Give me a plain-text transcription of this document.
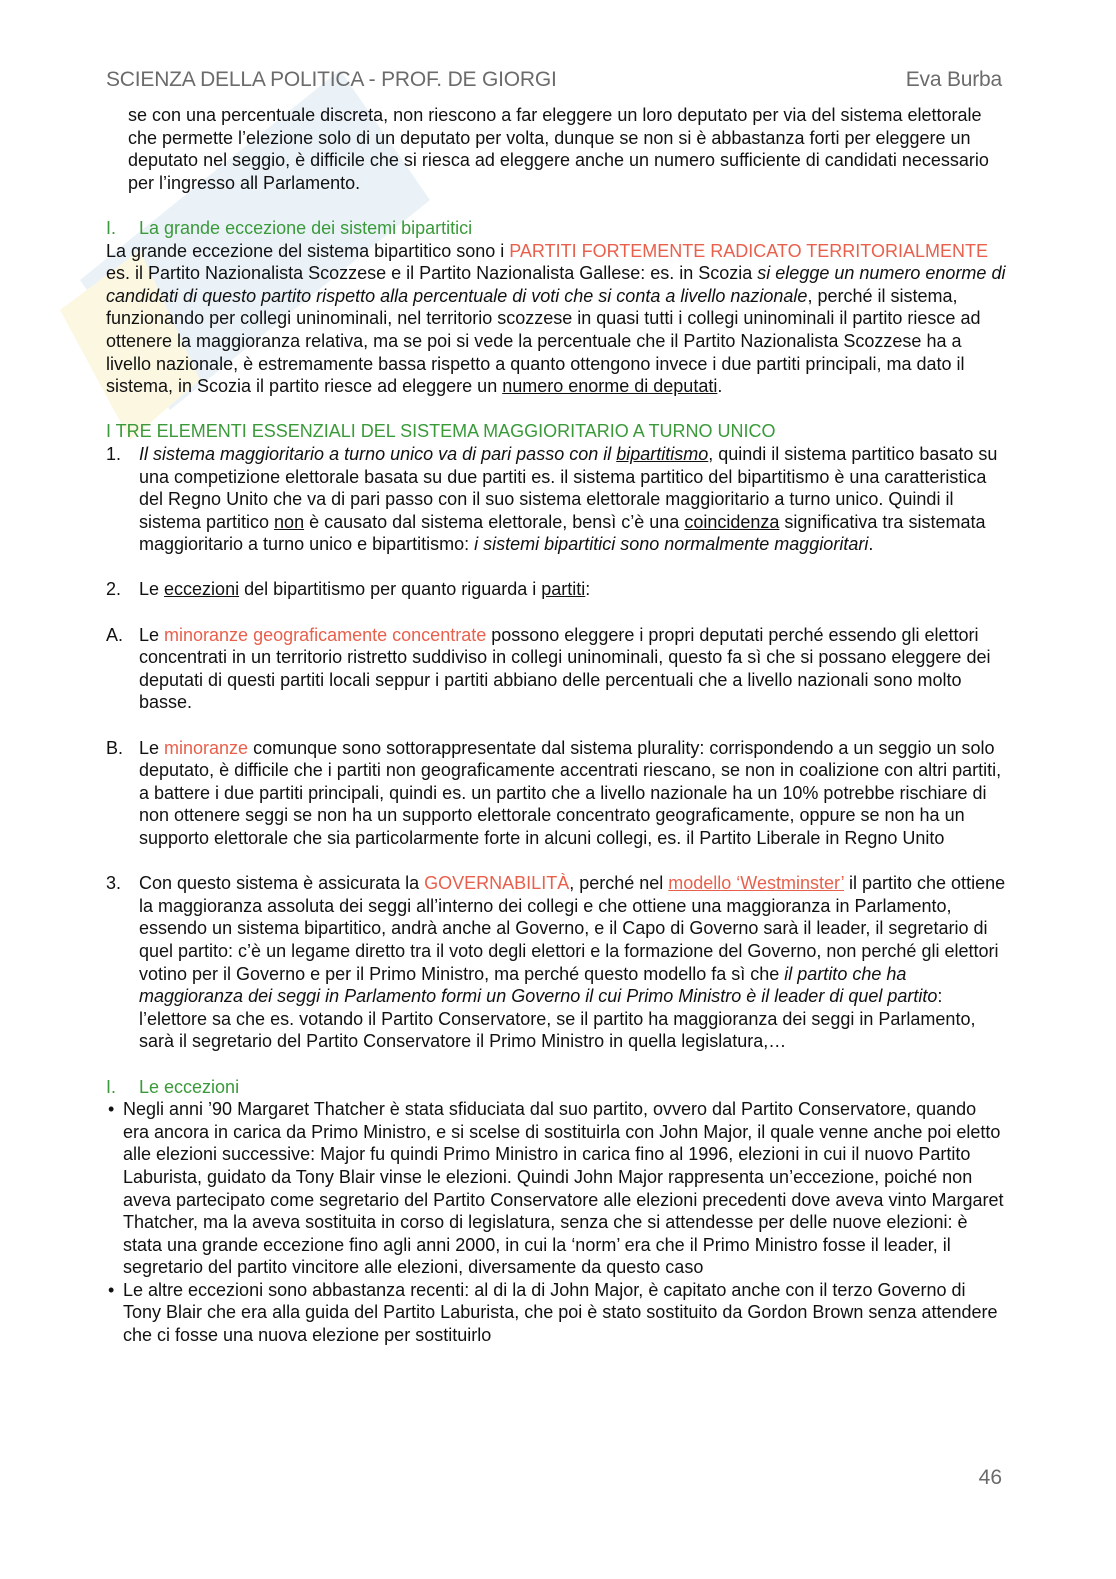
SCIENZA DELLA POLITICA - PROF. DE GIORGI	Eva Burba

se con una percentuale discreta, non riescono a far eleggere un loro deputato per via del sistema elettorale che permette l’elezione solo di un deputato per volta, dunque se non si è abbastanza forti per eleggere un deputato nel seggio, è difficile che si riesca ad eleggere anche un numero sufficiente di candidati necessario per l’ingresso all Parlamento.

I. La grande eccezione dei sistemi bipartitici

La grande eccezione del sistema bipartitico sono i PARTITI FORTEMENTE RADICATO TERRITORIALMENTE es. il Partito Nazionalista Scozzese e il Partito Nazionalista Gallese: es. in Scozia si elegge un numero enorme di candidati di questo partito rispetto alla percentuale di voti che si conta a livello nazionale, perché il sistema, funzionando per collegi uninominali, nel territorio scozzese in quasi tutti i collegi uninominali il partito riesce ad ottenere la maggioranza relativa, ma se poi si vede la percentuale che il Partito Nazionalista Scozzese ha a livello nazionale, è estremamente bassa rispetto a quanto ottengono invece i due partiti principali, ma dato il sistema, in Scozia il partito riesce ad eleggere un numero enorme di deputati.

I TRE ELEMENTI ESSENZIALI DEL SISTEMA MAGGIORITARIO A TURNO UNICO
1. Il sistema maggioritario a turno unico va di pari passo con il bipartitismo, quindi il sistema partitico basato su una competizione elettorale basata su due partiti es. il sistema partitico del bipartitismo è una caratteristica del Regno Unito che va di pari passo con il suo sistema elettorale maggioritario a turno unico. Quindi il sistema partitico non è causato dal sistema elettorale, bensì c’è una coincidenza significativa tra sistemata maggioritario a turno unico e bipartitismo: i sistemi bipartitici sono normalmente maggioritari.
2. Le eccezioni del bipartitismo per quanto riguarda i partiti:
A. Le minoranze geograficamente concentrate possono eleggere i propri deputati perché essendo gli elettori concentrati in un territorio ristretto suddiviso in collegi uninominali, questo fa sì che si possano eleggere dei deputati di questi partiti locali seppur i partiti abbiano delle percentuali che a livello nazionali sono molto basse.
B. Le minoranze comunque sono sottorappresentate dal sistema plurality: corrispondendo a un seggio un solo deputato, è difficile che i partiti non geograficamente accentrati riescano, se non in coalizione con altri partiti, a battere i due partiti principali, quindi es. un partito che a livello nazionale ha un 10% potrebbe rischiare di non ottenere seggi se non ha un supporto elettorale concentrato geograficamente, oppure se non ha un supporto elettorale che sia particolarmente forte in alcuni collegi, es. il Partito Liberale in Regno Unito
3. Con questo sistema è assicurata la GOVERNABILITÀ, perché nel modello ‘Westminster’ il partito che ottiene la maggioranza assoluta dei seggi all’interno dei collegi e che ottiene una maggioranza in Parlamento, essendo un sistema bipartitico, andrà anche al Governo, e il Capo di Governo sarà il leader, il segretario di quel partito: c’è un legame diretto tra il voto degli elettori e la formazione del Governo, non perché gli elettori votino per il Governo e per il Primo Ministro, ma perché questo modello fa sì che il partito che ha maggioranza dei seggi in Parlamento formi un Governo il cui Primo Ministro è il leader di quel partito: l’elettore sa che es. votando il Partito Conservatore, se il partito ha maggioranza dei seggi in Parlamento, sarà il segretario del Partito Conservatore il Primo Ministro in quella legislatura,…
I. Le eccezioni
• Negli anni ’90 Margaret Thatcher è stata sfiduciata dal suo partito, ovvero dal Partito Conservatore, quando era ancora in carica da Primo Ministro, e si scelse di sostituirla con John Major, il quale venne anche poi eletto alle elezioni successive: Major fu quindi Primo Ministro in carica fino al 1996, elezioni in cui il nuovo Partito Laburista, guidato da Tony Blair vinse le elezioni. Quindi John Major rappresenta un’eccezione, poiché non aveva partecipato come segretario del Partito Conservatore alle elezioni precedenti dove aveva vinto Margaret Thatcher, ma la aveva sostituita in corso di legislatura, senza che si attendesse per delle nuove elezioni: è stata una grande eccezione fino agli anni 2000, in cui la ‘norm’ era che il Primo Ministro fosse il leader, il segretario del partito vincitore alle elezioni, diversamente da questo caso
• Le altre eccezioni sono abbastanza recenti: al di la di John Major, è capitato anche con il terzo Governo di Tony Blair che era alla guida del Partito Laburista, che poi è stato sostituito da Gordon Brown senza attendere che ci fosse una nuova elezione per sostituirlo
46
